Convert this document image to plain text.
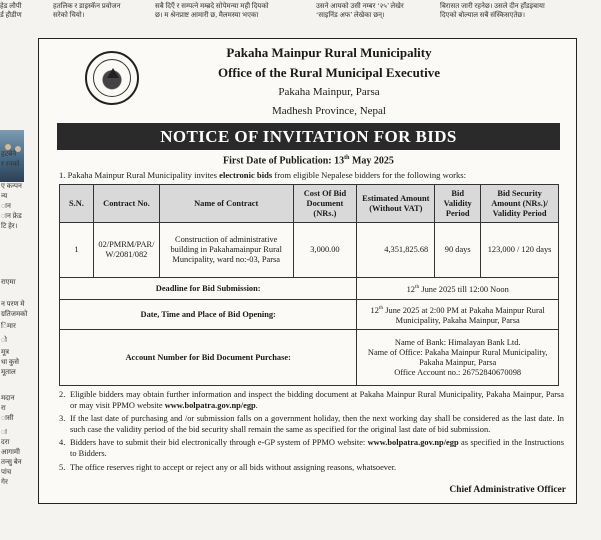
हेड लौपी
र्ड हौडीण
हतलिक र डाइस्कॅन प्रवोजन
सरेको चियो।
सबै दिएँ र सम्पत्ने मम्ब्रदे सोपेमन्या मही दियको
छ। म श्रेनप्राष्ट आमारी छ, मैलमस्या भएका
उसने आयको उसी नम्बर ‘२५’ लेखेर
‘साइनिंड अफ’ लेखेका छन्।
बिरासत जारी रहनेछ। उसले दीन हाँडइबाया
दिएको बोल्याल सबै संस्किसएतेछ।
हटबेने
र रनको
ए कन्पन
न्य
ान
ान फ्रेड
टि हेर।
राएमा
न परण मे
ग्रतिजमको
िमार
ो
मूत्र
धा कुसे
मूताल
मदान
रा
ासी
ा
दरा
आगामी
तन्सु बेन
पांच
गेर
Pakaha Mainpur Rural Municipality
Office of the Rural Municipal Executive
Pakaha Mainpur, Parsa
Madhesh Province, Nepal
NOTICE OF INVITATION FOR BIDS
First Date of Publication: 13th May 2025
1. Pakaha Mainpur Rural Municipality invites electronic bids from eligible Nepalese bidders for the following works:
S.N.	Contract No.	Name of Contract	Cost Of Bid Document (NRs.)	Estimated Amount (Without VAT)	Bid Validity Period	Bid Security Amount (NRs.)/ Validity Period
1	02/PMRM/PAR/ W/2081/082	Construction of administrative building in Pakahamainpur Rural Muncipality, ward no:-03, Parsa	3,000.00	4,351,825.68	90 days	123,000 / 120 days
Deadline for Bid Submission:				12th June 2025 till 12:00 Noon		
Date, Time and Place of Bid Opening:				12th June 2025 at 2:00 PM at Pakaha Mainpur Rural Municipality, Pakaha Mainpur, Parsa		
Account Number for Bid Document Purchase:				Name of Bank: Himalayan Bank Ltd.
Name of Office: Pakaha Mainpur Rural Municipality,
Pakaha Mainpur, Parsa
Office Account no.: 26752840670098		
2. Eligible bidders may obtain further information and inspect the bidding document at Pakaha Mainpur Rural Municipality, Pakaha Mainpur, Parsa or may visit PPMO website www.bolpatra.gov.np/egp.
3. If the last date of purchasing and /or submission falls on a government holiday, then the next working day shall be considered as the last date. In such case the validity period of the bid security shall remain the same as specified for the original last date of bid submission.
4. Bidders have to submit their bid electronically through e-GP system of PPMO website: www.bolpatra.gov.np/egp as specified in the Instructions to Bidders.
5. The office reserves right to accept or reject any or all bids without assigning reasons, whatsoever.
Chief Administrative Officer
